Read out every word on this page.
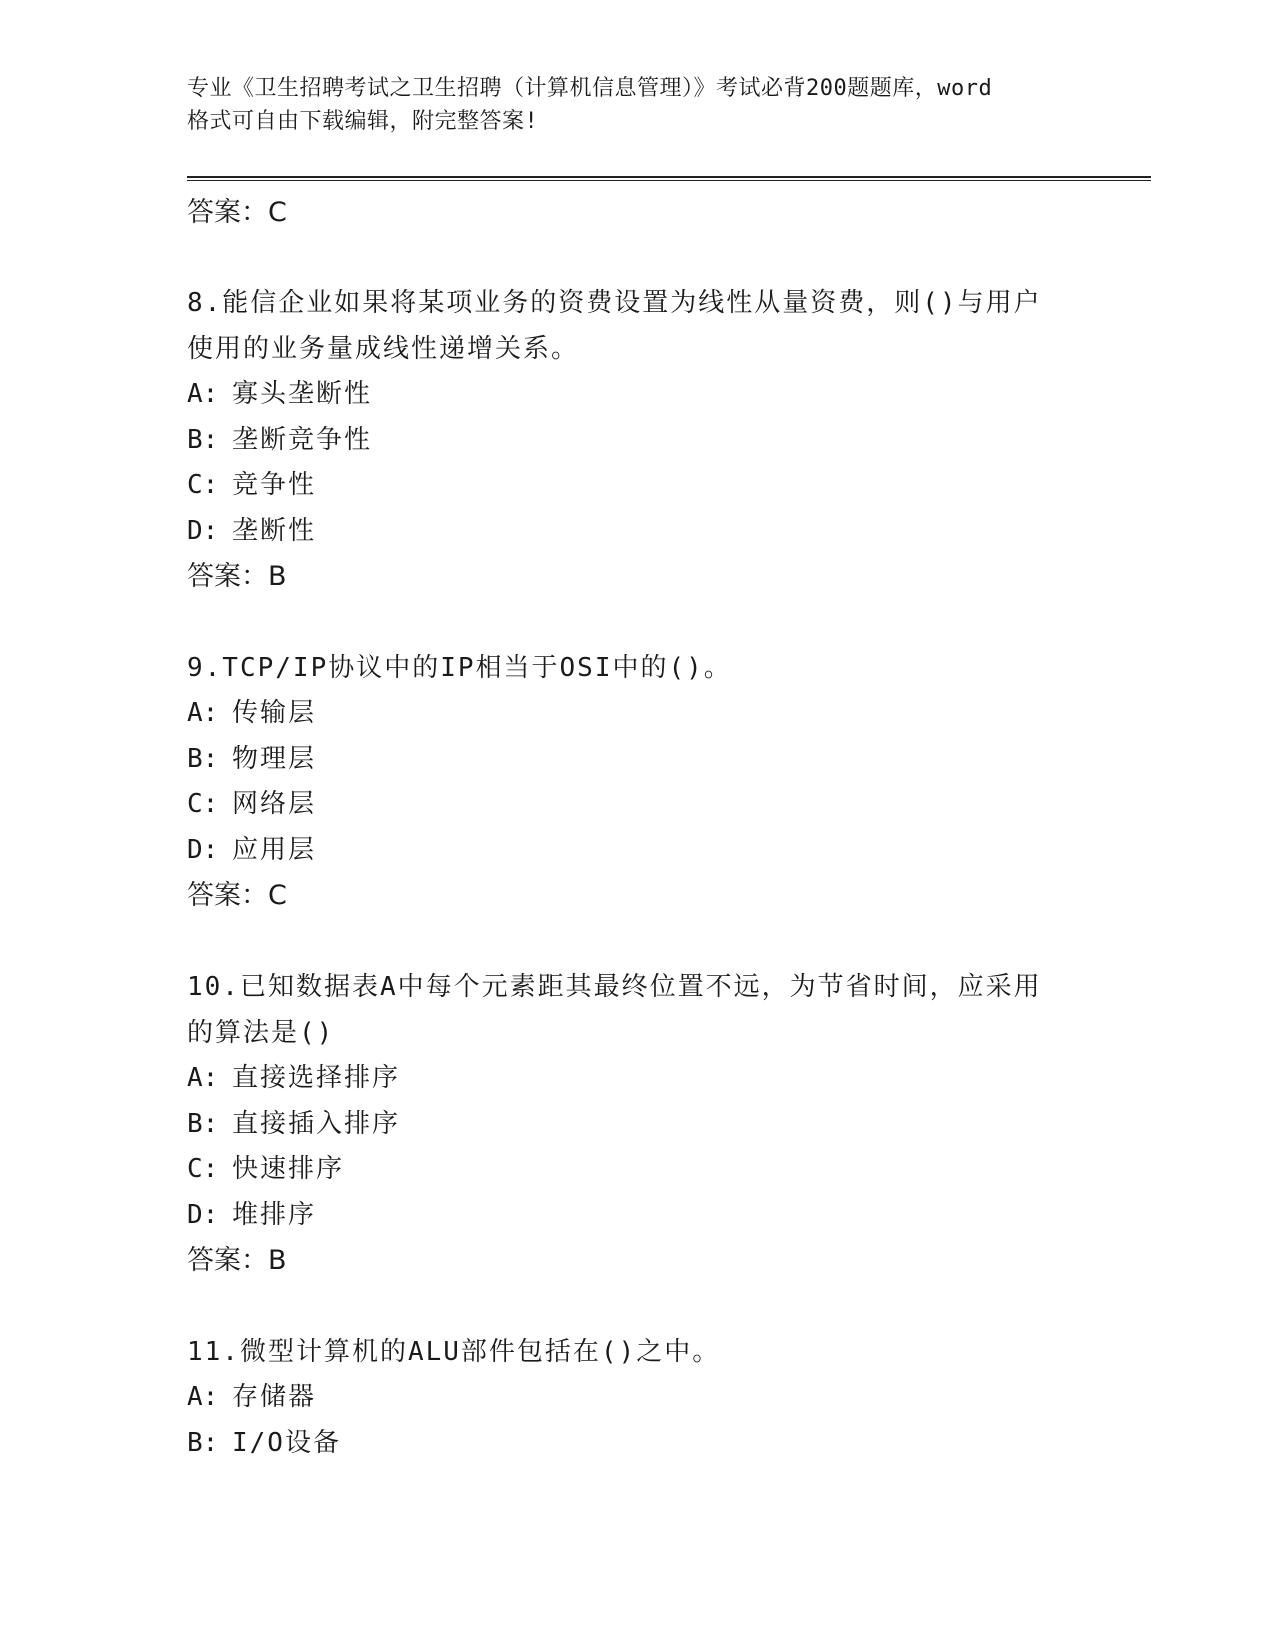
专业《卫生招聘考试之卫生招聘（计算机信息管理）》考试必背200题题库，word
格式可自由下载编辑，附完整答案!
答案：C
8.能信企业如果将某项业务的资费设置为线性从量资费，则()与用户
使用的业务量成线性递增关系。
A: 寡头垄断性
B: 垄断竞争性
C: 竞争性
D: 垄断性
答案：B
9.TCP/IP协议中的IP相当于OSI中的()。
A: 传输层
B: 物理层
C: 网络层
D: 应用层
答案：C
10.已知数据表A中每个元素距其最终位置不远，为节省时间，应采用
的算法是()
A: 直接选择排序
B: 直接插入排序
C: 快速排序
D: 堆排序
答案：B
11.微型计算机的ALU部件包括在()之中。
A: 存储器
B: I/O设备
